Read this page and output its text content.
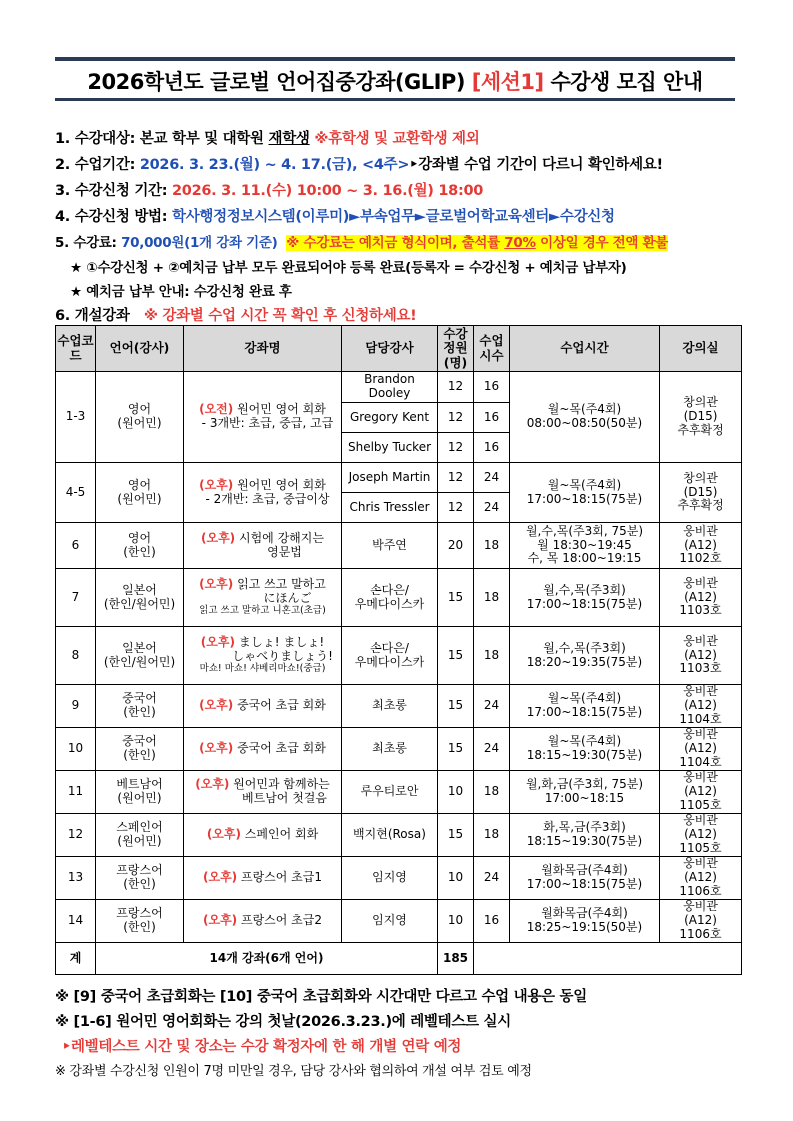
2026학년도 글로벌 언어집중강좌(GLIP) [세션1] 수강생 모집 안내
1. 수강대상: 본교 학부 및 대학원 재학생 ※휴학생 및 교환학생 제외
2. 수업기간: 2026. 3. 23.(월) ~ 4. 17.(금), <4주>‣강좌별 수업 기간이 다르니 확인하세요!
3. 수강신청 기간: 2026. 3. 11.(수) 10:00 ~ 3. 16.(월) 18:00
4. 수강신청 방법: 학사행정정보시스템(이루미)►부속업무►글로벌어학교육센터►수강신청
5. 수강료: 70,000원(1개 강좌 기준) ※ 수강료는 예치금 형식이며, 출석률 70% 이상일 경우 전액 환불
★ ①수강신청 + ②예치금 납부 모두 완료되어야 등록 완료(등록자 = 수강신청 + 예치금 납부자)
★ 예치금 납부 안내: 수강신청 완료 후
6. 개설강좌 ※ 강좌별 수업 시간 꼭 확인 후 신청하세요!
수업코드	언어(강사)	강좌명	담당강사	수강정원(명)	수업시수	수업시간	강의실
1-3	영어
(원어민)	(오전) 원어민 영어 회화
- 3개반: 초급, 중급, 고급	Brandon Dooley	12	16	월~목(주4회)
08:00~08:50(50분)	창의관
(D15)
추후확정
			Gregory Kent	12	16		
			Shelby Tucker	12	16		
4-5	영어
(원어민)	(오후) 원어민 영어 회화
- 2개반: 초급, 중급이상	Joseph Martin	12	24	월~목(주4회)
17:00~18:15(75분)	창의관
(D15)
추후확정
			Chris Tressler	12	24		
6	영어
(한인)	(오후) 시험에 강해지는
영문법	박주연	20	18	월,수,목(주3회, 75분)
월 18:30~19:45
수, 목 18:00~19:15	웅비관
(A12)
1102호
7	일본어
(한인/원어민)	(오후) 읽고 쓰고 말하고
にほんご
읽고 쓰고 말하고 니혼고(초급)	손다은/
우메다이스카	15	18	월,수,목(주3회)
17:00~18:15(75분)	웅비관
(A12)
1103호
8	일본어
(한인/원어민)	(오후) ましょ! ましょ!
しゃべりましょう!
마쇼! 마쇼! 샤베리마쇼!(중급)	손다은/
우메다이스카	15	18	월,수,목(주3회)
18:20~19:35(75분)	웅비관
(A12)
1103호
9	중국어
(한인)	(오후) 중국어 초급 회화	최초롱	15	24	월~목(주4회)
17:00~18:15(75분)	웅비관
(A12)
1104호
10	중국어
(한인)	(오후) 중국어 초급 회화	최초롱	15	24	월~목(주4회)
18:15~19:30(75분)	웅비관
(A12)
1104호
11	베트남어
(원어민)	(오후) 원어민과 함께하는
베트남어 첫걸음	루우티로안	10	18	월,화,금(주3회, 75분)
17:00~18:15	웅비관
(A12)
1105호
12	스페인어
(원어민)	(오후) 스페인어 회화	백지현(Rosa)	15	18	화,목,금(주3회)
18:15~19:30(75분)	웅비관
(A12)
1105호
13	프랑스어
(한인)	(오후) 프랑스어 초급1	임지영	10	24	월화목금(주4회)
17:00~18:15(75분)	웅비관
(A12)
1106호
14	프랑스어
(한인)	(오후) 프랑스어 초급2	임지영	10	16	월화목금(주4회)
18:25~19:15(50분)	웅비관
(A12)
1106호
계	14개 강좌(6개 언어)			185			
※ [9] 중국어 초급회화는 [10] 중국어 초급회화와 시간대만 다르고 수업 내용은 동일
※ [1-6] 원어민 영어회화는 강의 첫날(2026.3.23.)에 레벨테스트 실시
‣레벨테스트 시간 및 장소는 수강 확정자에 한 해 개별 연락 예정
※ 강좌별 수강신청 인원이 7명 미만일 경우, 담당 강사와 협의하여 개설 여부 검토 예정
